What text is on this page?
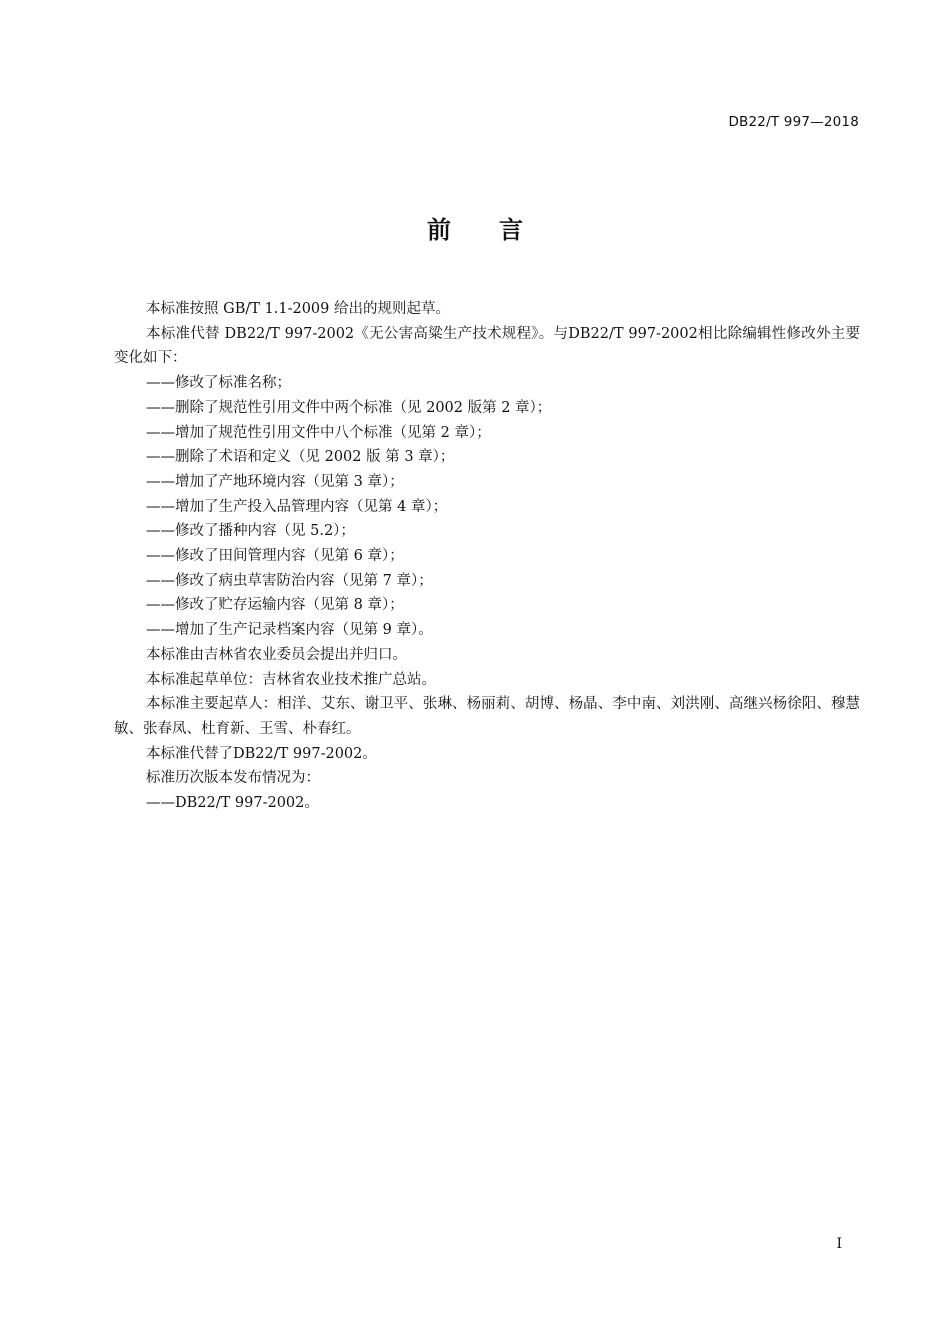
DB22/T 997—2018
前 言

本标准按照 GB/T 1.1-2009 给出的规则起草。

本标准代替 DB22/T 997-2002《无公害高粱生产技术规程》。与DB22/T 997-2002相比除编辑性修改外主要变化如下：

——修改了标准名称；

——删除了规范性引用文件中两个标准（见 2002 版第 2 章）；

——增加了规范性引用文件中八个标准（见第 2 章）；

——删除了术语和定义（见 2002 版 第 3 章）；

——增加了产地环境内容（见第 3 章）；

——增加了生产投入品管理内容（见第 4 章）；

——修改了播种内容（见 5.2）；

——修改了田间管理内容（见第 6 章）；

——修改了病虫草害防治内容（见第 7 章）；

——修改了贮存运输内容（见第 8 章）；

——增加了生产记录档案内容（见第 9 章）。

本标准由吉林省农业委员会提出并归口。

本标准起草单位：吉林省农业技术推广总站。

本标准主要起草人：相洋、艾东、谢卫平、张琳、杨丽莉、胡博、杨晶、李中南、刘洪刚、高继兴杨徐阳、穆慧敏、张春凤、杜育新、王雪、朴春红。

本标准代替了DB22/T 997-2002。

标准历次版本发布情况为：

——DB22/T 997-2002。

I
